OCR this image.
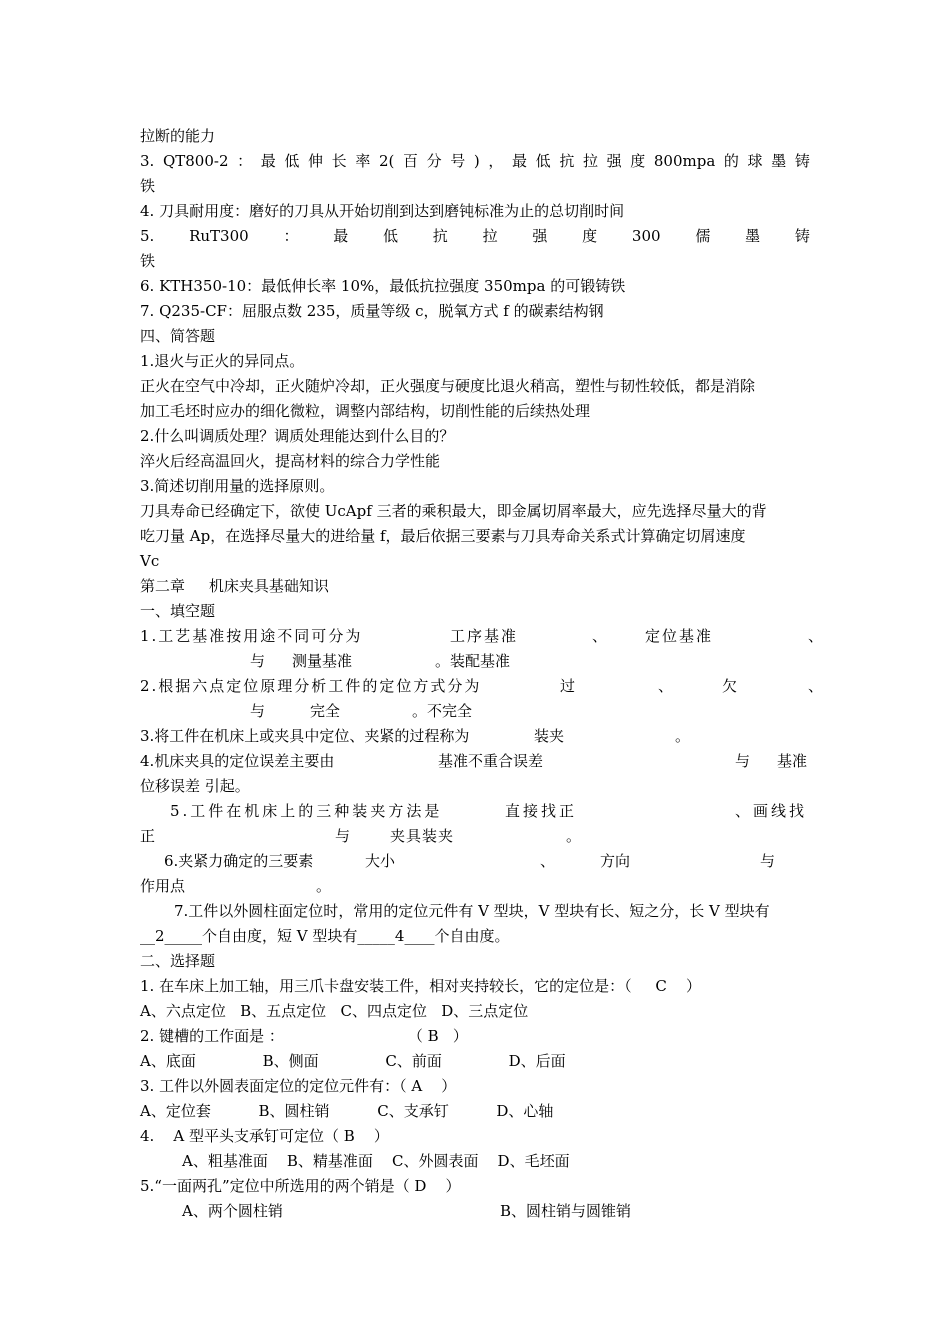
拉断的能力
3. QT800-2 ： 最 低 伸 长 率 2( 百 分 号 ) ， 最 低 抗 拉 强 度 800mpa 的 球 墨 铸
铁
4. 刀具耐用度：磨好的刀具从开始切削到达到磨钝标准为止的总切削时间
5. RuT300 ： 最 低 抗 拉 强 度 300 儒 墨 铸
铁
6. KTH350-10：最低伸长率 10%，最低抗拉强度 350mpa 的可锻铸铁
7. Q235-CF：屈服点数 235，质量等级 c，脱氧方式 f 的碳素结构钢
四、简答题
1.退火与正火的异同点。
正火在空气中冷却，正火随炉冷却，正火强度与硬度比退火稍高，塑性与韧性较低，都是消除
加工毛坯时应办的细化微粒，调整内部结构，切削性能的后续热处理
2.什么叫调质处理？调质处理能达到什么目的？
淬火后经高温回火，提高材料的综合力学性能
3.简述切削用量的选择原则。
刀具寿命已经确定下，欲使 UcApf 三者的乘积最大，即金属切屑率最大，应先选择尽量大的背
吃刀量 Ap，在选择尽量大的进给量 f，最后依据三要素与刀具寿命关系式计算确定切屑速度
Vc
第二章     机床夹具基础知识
一、填空题
1.工艺基准按用途不同可分为	工序基准	、	定位基准	、
与 测量基准	。装配基准
2.根据六点定位原理分析工件的定位方式分为	过	、	欠	、
与	完全	。不完全
3.将工件在机床上或夹具中定位、夹紧的过程称为	装夹	。
4.机床夹具的定位误差主要由	基准不重合误差	与 基准
位移误差 引起。
5.工件在机床上的三种装夹方法是	直接找正	、画线找
正	与	夹具装夹	。
6.夹紧力确定的三要素	大小	、	方向	与
作用点	。
7.工件以外圆柱面定位时，常用的定位元件有 V 型块，V 型块有长、短之分，长 V 型块有
__2_____个自由度，短 V 型块有_____4____个自由度。
二、选择题
1. 在车床上加工轴，用三爪卡盘安装工件，相对夹持较长，它的定位是：（     C    ）
A、六点定位   B、五点定位   C、四点定位   D、三点定位
2. 键槽的工作面是 ：                          （ B   ）
A、底面              B、侧面              C、前面              D、后面
3. 工件以外圆表面定位的定位元件有：（ A    ）
A、定位套          B、圆柱销          C、支承钉          D、心轴
4.    A 型平头支承钉可定位（ B    ）
A、粗基准面    B、精基准面    C、外圆表面    D、毛坯面
5.“一面两孔”定位中所选用的两个销是（ D    ）
A、两个圆柱销	B、圆柱销与圆锥销
